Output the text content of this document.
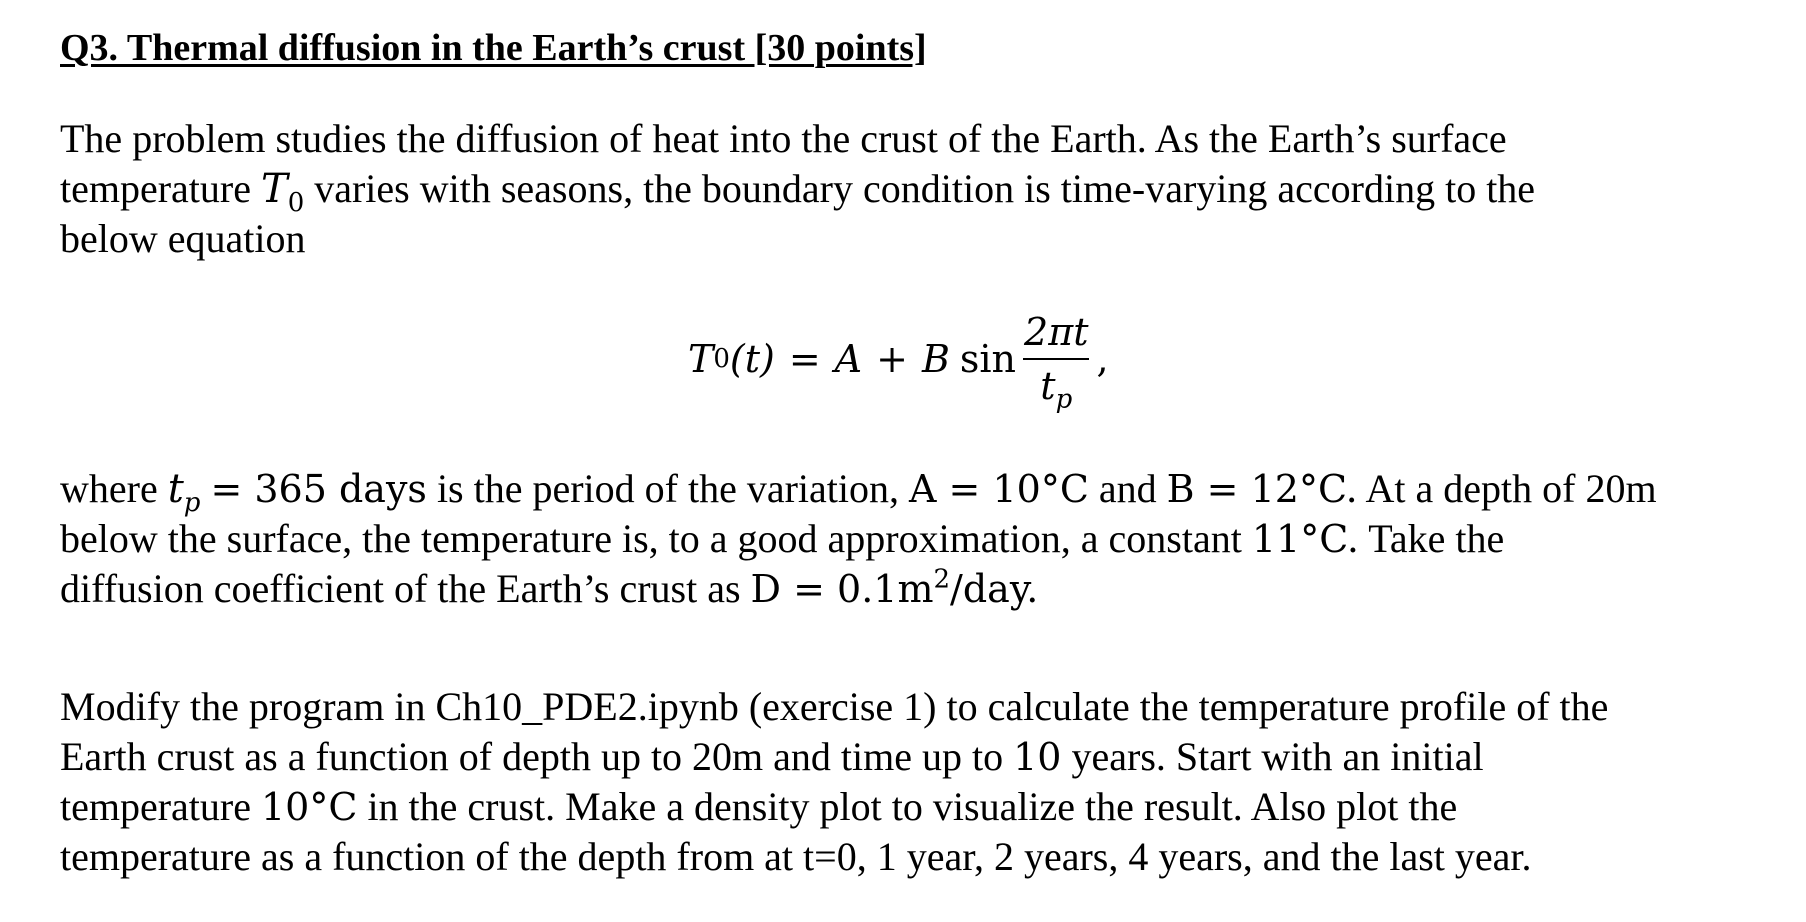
Q3. Thermal diffusion in the Earth’s crust [30 points]

The problem studies the diffusion of heat into the crust of the Earth. As the Earth’s surface
temperature $T_0$ varies with seasons, the boundary condition is time-varying according to the
below equation

T 0 (t) = A + B $\sin \frac{2\pi t}{t_p}$ ,

where $t_p = 365$ days is the period of the variation, A = 10°C and B = 12°C. At a depth of 20m
below the surface, the temperature is, to a good approximation, a constant 11°C. Take the
diffusion coefficient of the Earth’s crust as $D = 0.1m^2$/day.

Modify the program in Ch10_PDE2.ipynb (exercise 1) to calculate the temperature profile of the
Earth crust as a function of depth up to 20m and time up to 10 years. Start with an initial
temperature 10°C in the crust. Make a density plot to visualize the result. Also plot the
temperature as a function of the depth from at t=0, 1 year, 2 years, 4 years, and the last year.
